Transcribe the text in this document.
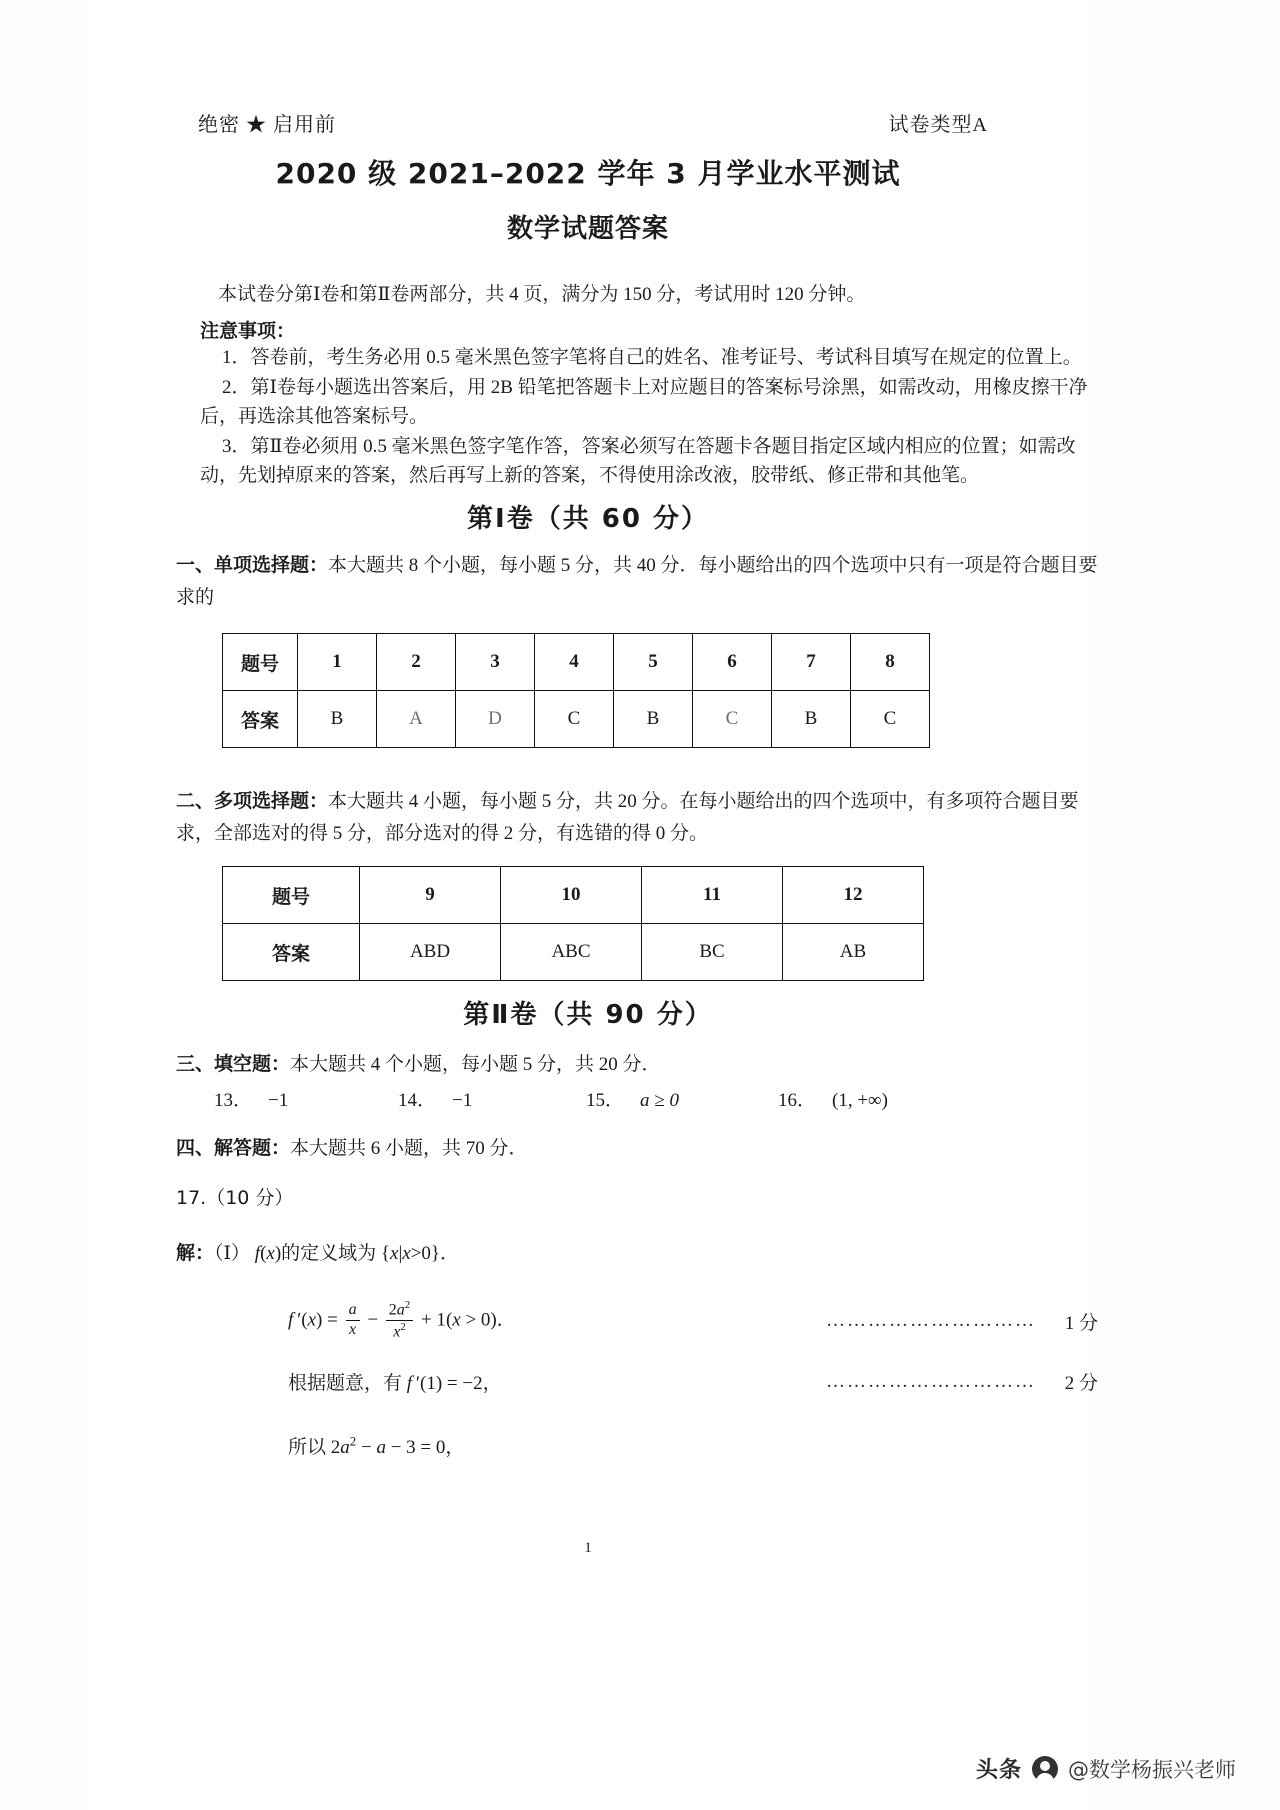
绝密 ★ 启用前	试卷类型A
2020 级 2021–2022 学年 3 月学业水平测试
数学试题答案
本试卷分第Ⅰ卷和第Ⅱ卷两部分，共 4 页，满分为 150 分，考试用时 120 分钟。
注意事项：
1．答卷前，考生务必用 0.5 毫米黑色签字笔将自己的姓名、准考证号、考试科目填写在规定的位置上。
2．第Ⅰ卷每小题选出答案后，用 2B 铅笔把答题卡上对应题目的答案标号涂黑，如需改动，用橡皮擦干净后，再选涂其他答案标号。
3．第Ⅱ卷必须用 0.5 毫米黑色签字笔作答，答案必须写在答题卡各题目指定区域内相应的位置；如需改动，先划掉原来的答案，然后再写上新的答案，不得使用涂改液，胶带纸、修正带和其他笔。
第Ⅰ卷（共 60 分）
一、单项选择题：本大题共 8 个小题，每小题 5 分，共 40 分．每小题给出的四个选项中只有一项是符合题目要求的
题号	1	2	3	4	5	6	7	8
答案	B	A	D	C	B	C	B	C
二、多项选择题：本大题共 4 小题，每小题 5 分，共 20 分。在每小题给出的四个选项中，有多项符合题目要求，全部选对的得 5 分，部分选对的得 2 分，有选错的得 0 分。
题号	9	10	11	12
答案	ABD	ABC	BC	AB
第Ⅱ卷（共 90 分）
三、填空题：本大题共 4 个小题，每小题 5 分，共 20 分．
13． −1	14． −1	15． a ≥ 0	16． (1, +∞)
四、解答题：本大题共 6 小题，共 70 分．
17.（10 分）
解：（Ⅰ） f(x)的定义域为 {x|x>0}．
f $'(x) = \frac{a}{x} - \frac{2a^2}{x^2} + 1(x > 0)$．	…………………………	1 分
根据题意，有 f ′(1) = −2，	…………………………	2 分
所以 $2a^2 - a - 3 = 0$，
1
头条 @数学杨振兴老师
